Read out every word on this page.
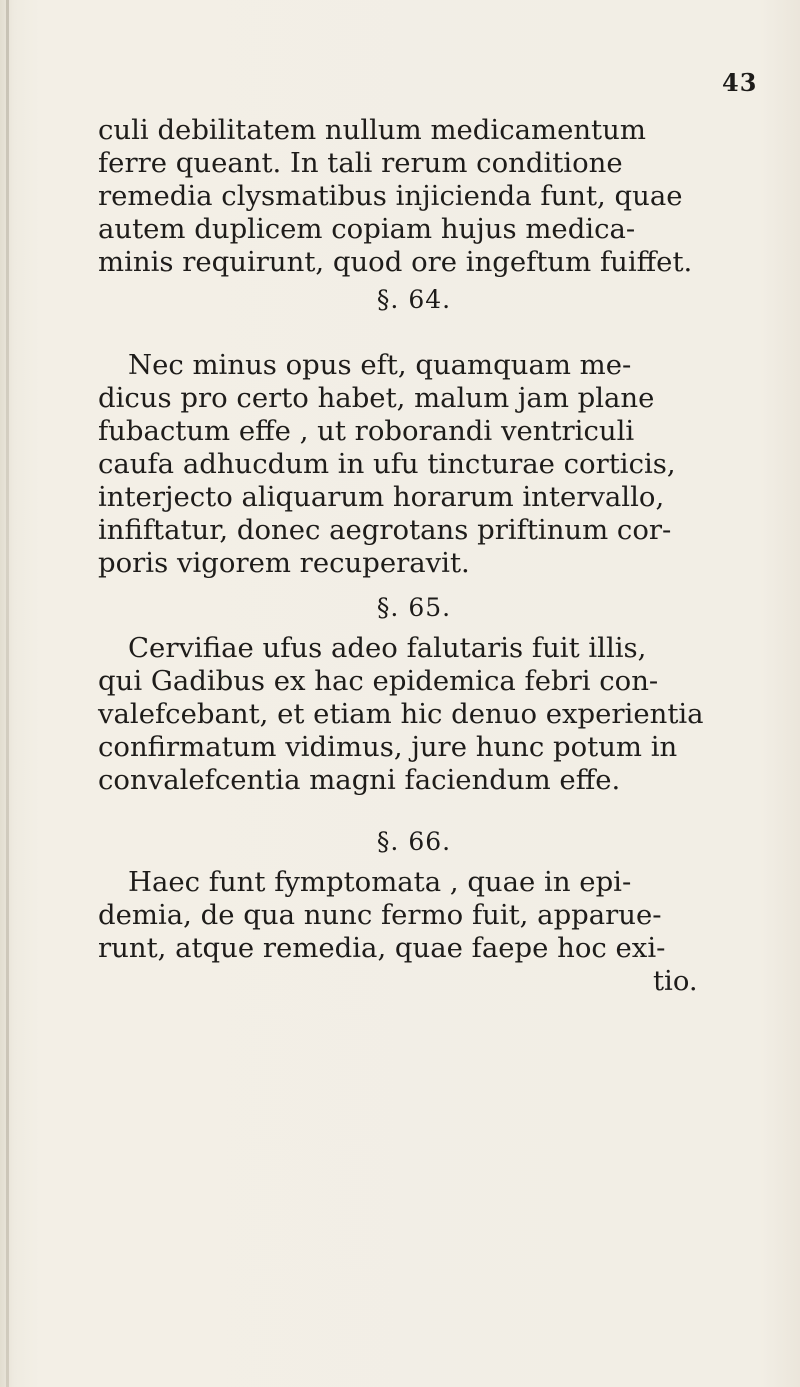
43
culi debilitatem nullum medicamentum
ferre queant. In tali rerum conditione
remedia clysmatibus injicienda funt, quae
autem duplicem copiam hujus medica-
minis requirunt, quod ore ingeftum fuiffet.
§. 64.
Nec minus opus eft, quamquam me-
dicus pro certo habet, malum jam plane
fubactum effe , ut roborandi ventriculi
caufa adhucdum in ufu tincturae corticis,
interjecto aliquarum horarum intervallo,
infiftatur, donec aegrotans priftinum cor-
poris vigorem recuperavit.
§. 65.
Cervifiae ufus adeo falutaris fuit illis,
qui Gadibus ex hac epidemica febri con-
valefcebant, et etiam hic denuo experientia
confirmatum vidimus, jure hunc potum in
convalefcentia magni faciendum effe.
§. 66.
Haec funt fymptomata , quae in epi-
demia, de qua nunc fermo fuit, apparue-
runt, atque remedia, quae faepe hoc exi-
tio.
